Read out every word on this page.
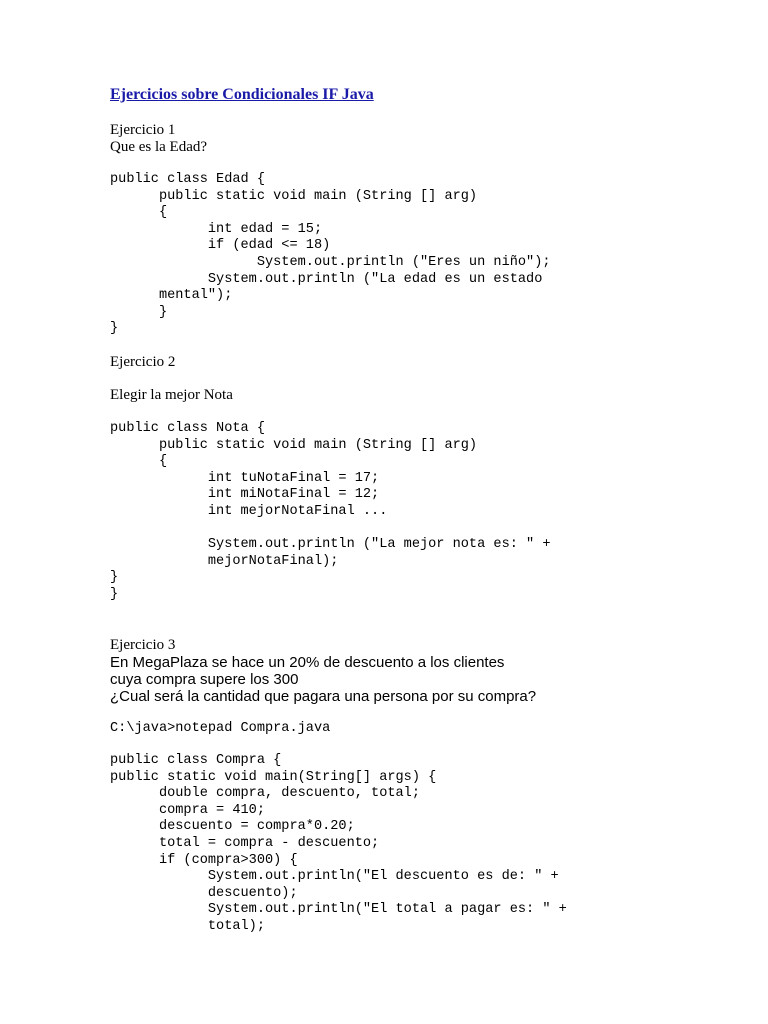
Ejercicios sobre Condicionales IF Java
Ejercicio 1
Que es la Edad?
public class Edad {
public static void main (String [] arg)
{
int edad = 15;
if (edad <= 18)
System.out.println ("Eres un niño");
System.out.println ("La edad es un estado
mental");
}
}
Ejercicio 2
Elegir la mejor Nota
public class Nota {
public static void main (String [] arg)
{
int tuNotaFinal = 17;
int miNotaFinal = 12;
int mejorNotaFinal ...

System.out.println ("La mejor nota es: " +
mejorNotaFinal);
}
}
Ejercicio 3
En MegaPlaza se hace un 20% de descuento a los clientes
cuya compra supere los 300
¿Cual será la cantidad que pagara una persona por su compra?
C:\java>notepad Compra.java
public class Compra {
public static void main(String[] args) {
double compra, descuento, total;
compra = 410;
descuento = compra*0.20;
total = compra - descuento;
if (compra>300) {
System.out.println("El descuento es de: " +
descuento);
System.out.println("El total a pagar es: " +
total);
